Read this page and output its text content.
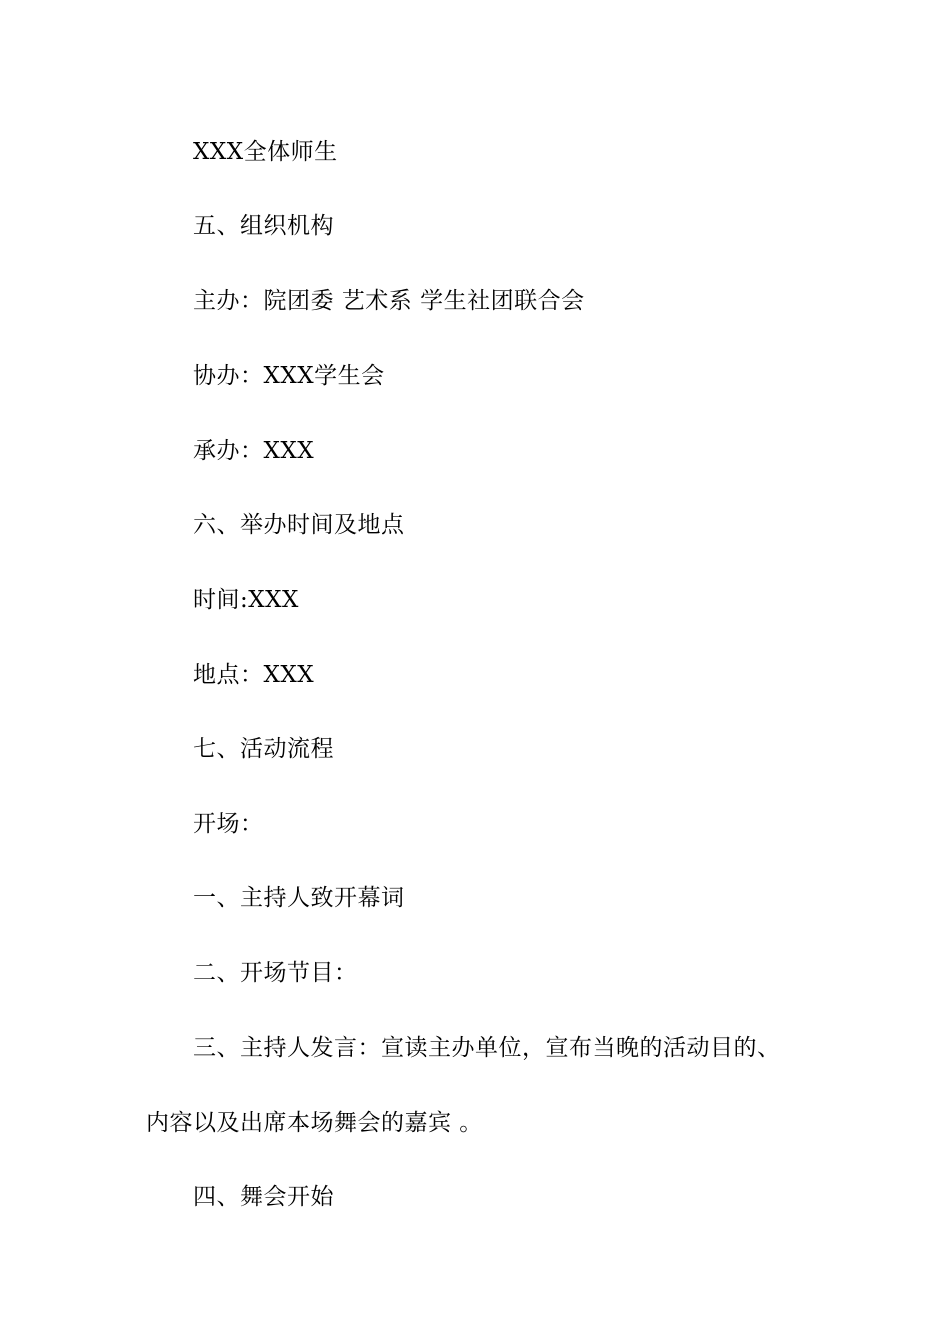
XXX全体师生
五、组织机构
主办：院团委 艺术系 学生社团联合会
协办：XXX学生会
承办：XXX
六、举办时间及地点
时间:XXX
地点：XXX
七、活动流程
开场：
一、主持人致开幕词
二、开场节目：
三、主持人发言：宣读主办单位，宣布当晚的活动目的、
内容以及出席本场舞会的嘉宾 。
四、舞会开始
